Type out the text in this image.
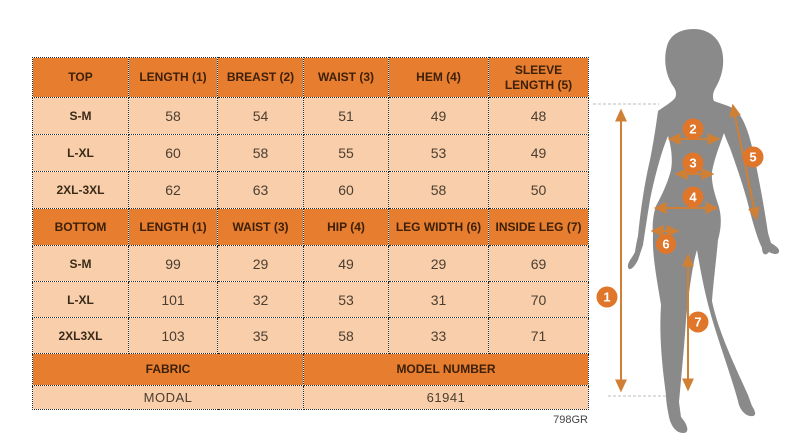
TOP	LENGTH (1)	BREAST (2)	WAIST (3)	HEM (4)	SLEEVE LENGTH (5)
S-M	58	54	51	49	48
L-XL	60	58	55	53	49
2XL-3XL	62	63	60	58	50
BOTTOM	LENGTH (1)	WAIST (3)	HIP (4)	LEG WIDTH (6)	INSIDE LEG (7)
S-M	99	29	49	29	69
L-XL	101	32	53	31	70
2XL3XL	103	35	58	33	71
FABRIC			MODEL NUMBER		
MODAL			61941		
798GR
1
2
3
4
5
6
7
